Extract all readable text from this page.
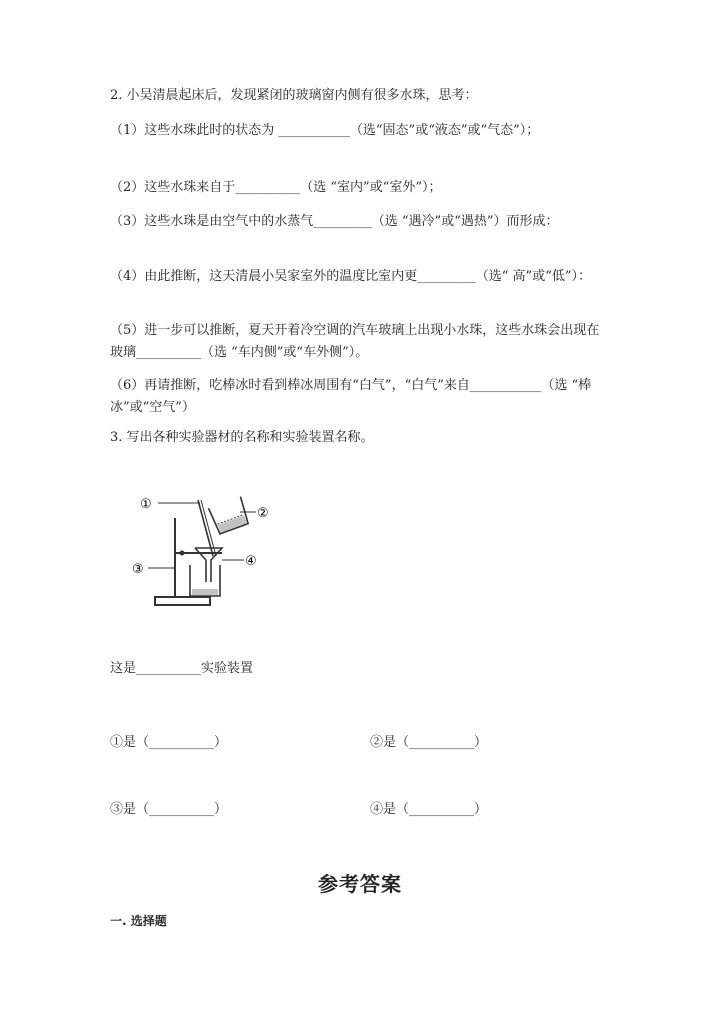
2. 小吴清晨起床后，发现紧闭的玻璃窗内侧有很多水珠，思考：
（1）这些水珠此时的状态为 ___________（选“固态”或“液态”或“气态”）；
（2）这些水珠来自于__________（选 “室内”或“室外”）；
（3）这些水珠是由空气中的水蒸气_________（选 “遇冷”或“遇热”）而形成：
（4）由此推断，这天清晨小吴家室外的温度比室内更_________（选“ 高”或“低”）：
（5）进一步可以推断，夏天开着冷空调的汽车玻璃上出现小水珠，这些水珠会出现在玻璃__________（选 “车内侧”或“车外侧”）。
（6）再请推断，吃棒冰时看到棒冰周围有“白气”，“白气”来自___________（选 “棒冰”或“空气”）
3. 写出各种实验器材的名称和实验装置名称。
①
②
③
④
这是__________实验装置
①是（__________）	②是（__________）
③是（__________）	④是（__________）
参考答案
一. 选择题
